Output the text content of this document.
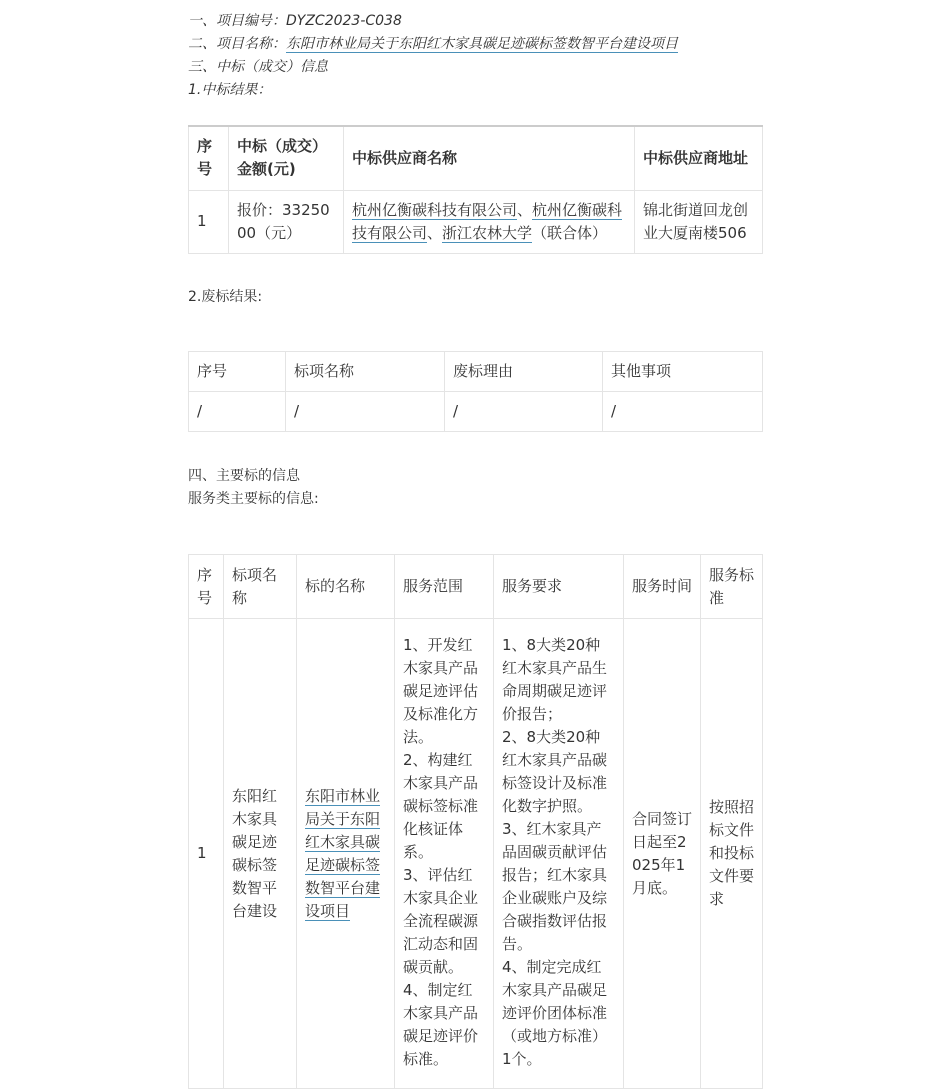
一、项目编号：DYZC2023-C038
二、项目名称：东阳市林业局关于东阳红木家具碳足迹碳标签数智平台建设项目
三、中标（成交）信息
1.中标结果：
序号	中标（成交）金额(元)	中标供应商名称	中标供应商地址
1	报价：3325000（元）	杭州亿衡碳科技有限公司、杭州亿衡碳科技有限公司、浙江农林大学（联合体）	锦北街道回龙创业大厦南楼506
2.废标结果:
序号	标项名称	废标理由	其他事项
/	/	/	/
四、主要标的信息
服务类主要标的信息:
序号	标项名称	标的名称	服务范围	服务要求	服务时间	服务标准
1	东阳红木家具碳足迹碳标签数智平台建设	东阳市林业局关于东阳红木家具碳足迹碳标签数智平台建设项目	1、开发红木家具产品碳足迹评估及标准化方法。
2、构建红木家具产品碳标签标准化核证体系。
3、评估红木家具企业全流程碳源汇动态和固碳贡献。
4、制定红木家具产品碳足迹评价标准。	1、8大类20种红木家具产品生命周期碳足迹评价报告；
2、8大类20种红木家具产品碳标签设计及标准化数字护照。
3、红木家具产品固碳贡献评估报告；红木家具企业碳账户及综合碳指数评估报告。
4、制定完成红木家具产品碳足迹评价团体标准（或地方标准）1个。	合同签订日起至2025年1月底。	按照招标文件和投标文件要求
